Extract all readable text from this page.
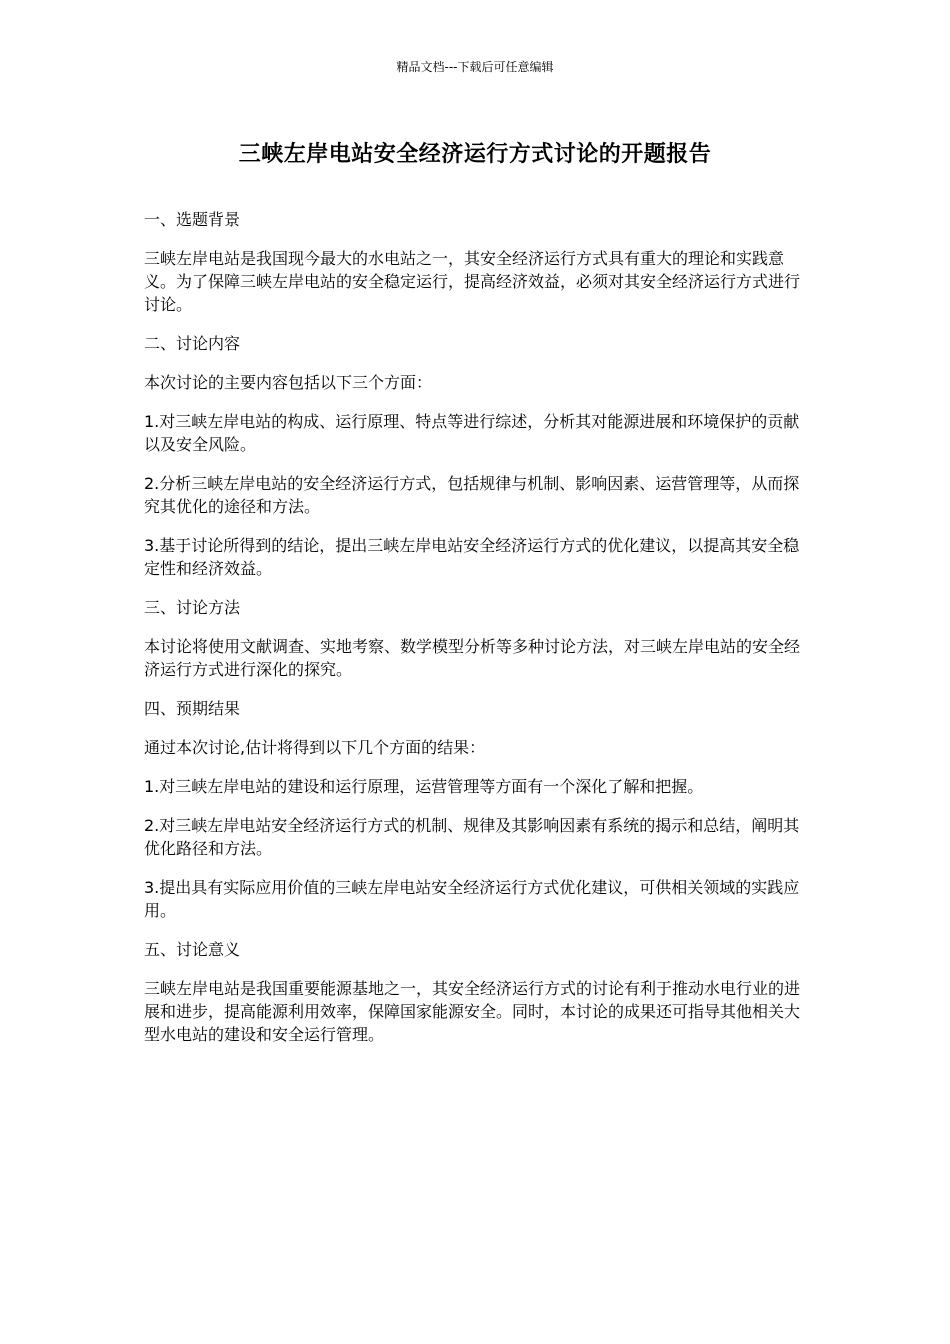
精品文档---下载后可任意编辑
三峡左岸电站安全经济运行方式讨论的开题报告

一、选题背景

三峡左岸电站是我国现今最大的水电站之一，其安全经济运行方式具有重大的理论和实践意义。为了保障三峡左岸电站的安全稳定运行，提高经济效益，必须对其安全经济运行方式进行讨论。

二、讨论内容

本次讨论的主要内容包括以下三个方面：

1.对三峡左岸电站的构成、运行原理、特点等进行综述，分析其对能源进展和环境保护的贡献以及安全风险。

2.分析三峡左岸电站的安全经济运行方式，包括规律与机制、影响因素、运营管理等，从而探究其优化的途径和方法。

3.基于讨论所得到的结论，提出三峡左岸电站安全经济运行方式的优化建议，以提高其安全稳定性和经济效益。

三、讨论方法

本讨论将使用文献调查、实地考察、数学模型分析等多种讨论方法，对三峡左岸电站的安全经济运行方式进行深化的探究。

四、预期结果

通过本次讨论,估计将得到以下几个方面的结果：

1.对三峡左岸电站的建设和运行原理，运营管理等方面有一个深化了解和把握。

2.对三峡左岸电站安全经济运行方式的机制、规律及其影响因素有系统的揭示和总结，阐明其优化路径和方法。

3.提出具有实际应用价值的三峡左岸电站安全经济运行方式优化建议，可供相关领域的实践应用。

五、讨论意义

三峡左岸电站是我国重要能源基地之一，其安全经济运行方式的讨论有利于推动水电行业的进展和进步，提高能源利用效率，保障国家能源安全。同时，本讨论的成果还可指导其他相关大型水电站的建设和安全运行管理。
